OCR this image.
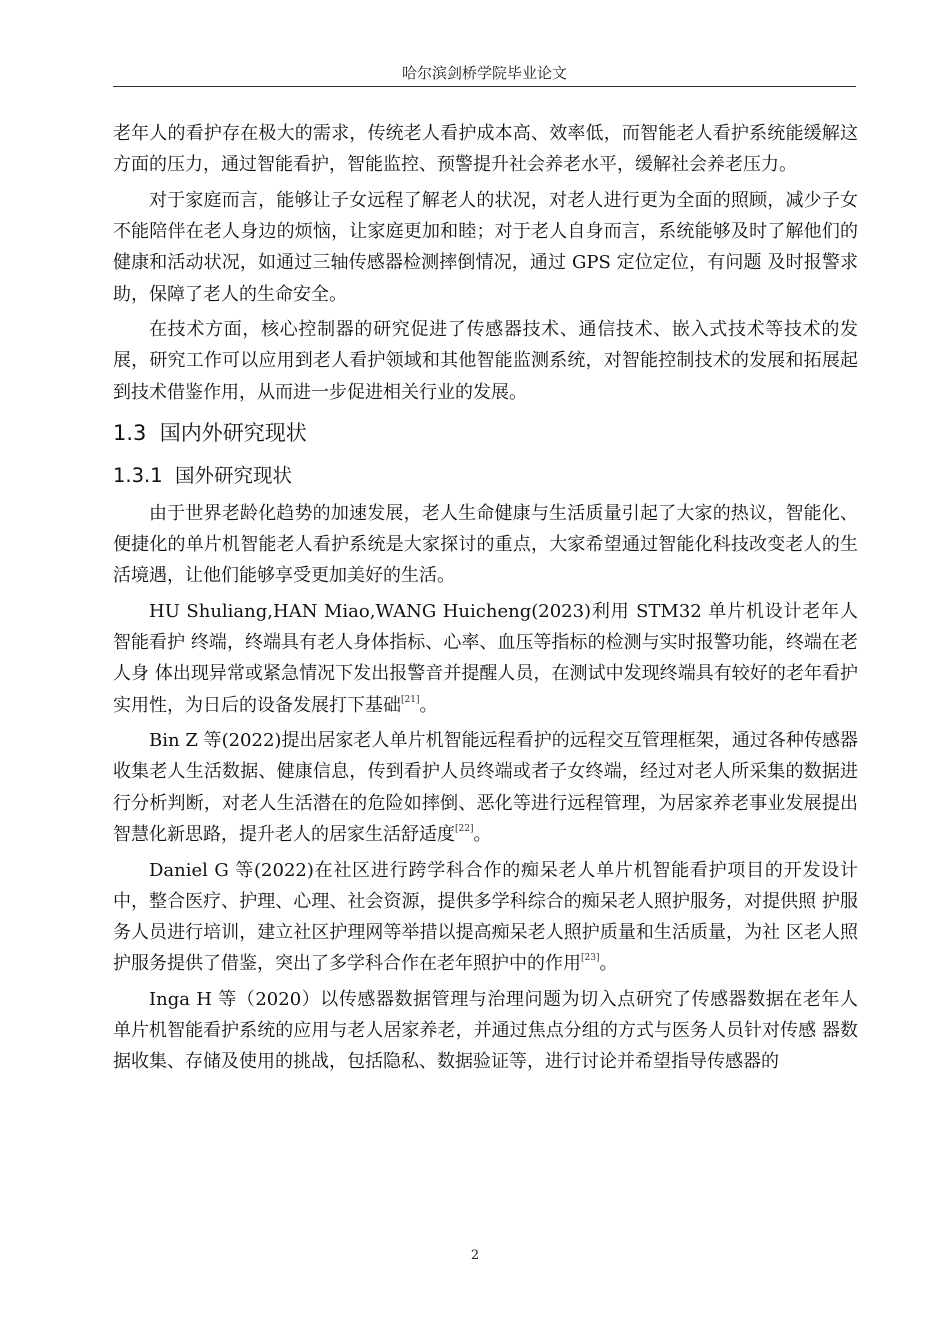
哈尔滨剑桥学院毕业论文

老年人的看护存在极大的需求，传统老人看护成本高、效率低，而智能老人看护系统能缓解这方面的压力，通过智能看护，智能监控、预警提升社会养老水平，缓解社会养老压力。

对于家庭而言，能够让子女远程了解老人的状况，对老人进行更为全面的照顾，减少子女不能陪伴在老人身边的烦恼，让家庭更加和睦；对于老人自身而言，系统能够及时了解他们的健康和活动状况，如通过三轴传感器检测摔倒情况，通过 GPS 定位定位，有问题 及时报警求助，保障了老人的生命安全。

在技术方面，核心控制器的研究促进了传感器技术、通信技术、嵌入式技术等技术的发展，研究工作可以应用到老人看护领域和其他智能监测系统，对智能控制技术的发展和拓展起到技术借鉴作用，从而进一步促进相关行业的发展。

1.3 国内外研究现状
1.3.1 国外研究现状

由于世界老龄化趋势的加速发展，老人生命健康与生活质量引起了大家的热议，智能化、便捷化的单片机智能老人看护系统是大家探讨的重点，大家希望通过智能化科技改变老人的生活境遇，让他们能够享受更加美好的生活。

HU Shuliang,HAN Miao,WANG Huicheng(2023)利用 STM32 单片机设计老年人智能看护 终端，终端具有老人身体指标、心率、血压等指标的检测与实时报警功能，终端在老人身 体出现异常或紧急情况下发出报警音并提醒人员，在测试中发现终端具有较好的老年看护 实用性，为日后的设备发展打下基础[21]。

Bin Z 等(2022)提出居家老人单片机智能远程看护的远程交互管理框架，通过各种传感器收集老人生活数据、健康信息，传到看护人员终端或者子女终端，经过对老人所采集的数据进行分析判断，对老人生活潜在的危险如摔倒、恶化等进行远程管理，为居家养老事业发展提出智慧化新思路，提升老人的居家生活舒适度[22]。

Daniel G 等(2022)在社区进行跨学科合作的痴呆老人单片机智能看护项目的开发设计 中，整合医疗、护理、心理、社会资源，提供多学科综合的痴呆老人照护服务，对提供照 护服务人员进行培训，建立社区护理网等举措以提高痴呆老人照护质量和生活质量，为社 区老人照护服务提供了借鉴，突出了多学科合作在老年照护中的作用[23]。

Inga H 等（2020）以传感器数据管理与治理问题为切入点研究了传感器数据在老年人 单片机智能看护系统的应用与老人居家养老，并通过焦点分组的方式与医务人员针对传感 器数据收集、存储及使用的挑战，包括隐私、数据验证等，进行讨论并希望指导传感器的

2
